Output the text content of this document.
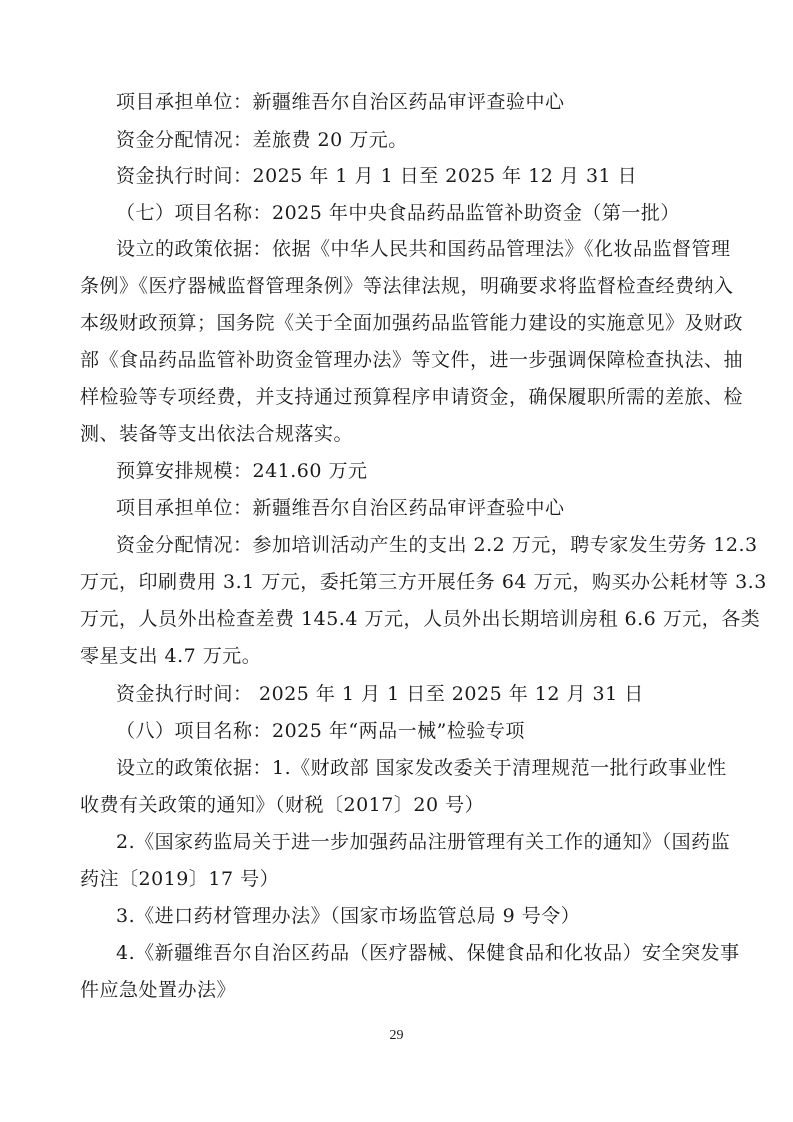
项目承担单位：新疆维吾尔自治区药品审评查验中心
资金分配情况：差旅费 20 万元。
资金执行时间：2025 年 1 月 1 日至 2025 年 12 月 31 日
（七）项目名称：2025 年中央食品药品监管补助资金（第一批）
设立的政策依据：依据《中华人民共和国药品管理法》《化妆品监督管理
条例》《医疗器械监督管理条例》等法律法规，明确要求将监督检查经费纳入
本级财政预算；国务院《关于全面加强药品监管能力建设的实施意见》及财政
部《食品药品监管补助资金管理办法》等文件，进一步强调保障检查执法、抽
样检验等专项经费，并支持通过预算程序申请资金，确保履职所需的差旅、检
测、装备等支出依法合规落实。
预算安排规模：241.60 万元
项目承担单位：新疆维吾尔自治区药品审评查验中心
资金分配情况：参加培训活动产生的支出 2.2 万元，聘专家发生劳务 12.3
万元，印刷费用 3.1 万元，委托第三方开展任务 64 万元，购买办公耗材等 3.3
万元，人员外出检查差费 145.4 万元，人员外出长期培训房租 6.6 万元，各类
零星支出 4.7 万元。
资金执行时间： 2025 年 1 月 1 日至 2025 年 12 月 31 日
（八）项目名称：2025 年“两品一械”检验专项
设立的政策依据：1.《财政部 国家发改委关于清理规范一批行政事业性
收费有关政策的通知》（财税〔2017〕20 号）
2.《国家药监局关于进一步加强药品注册管理有关工作的通知》（国药监
药注〔2019〕17 号）
3.《进口药材管理办法》（国家市场监管总局 9 号令）
4.《新疆维吾尔自治区药品（医疗器械、保健食品和化妆品）安全突发事
件应急处置办法》
29
